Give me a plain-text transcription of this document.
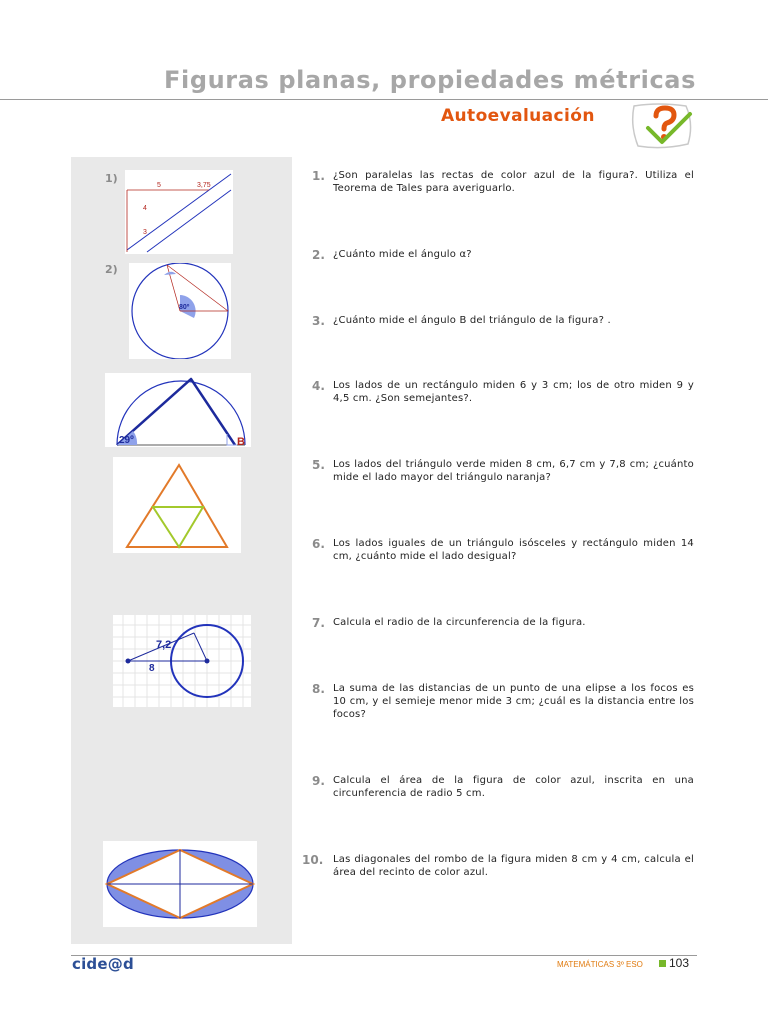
Figuras planas, propiedades métricas
Autoevaluación
1)
5	3,75
4
3
2)
80º
29º	B
7,2
8
1. ¿Son paralelas las rectas de color azul de la figura?. Utiliza el Teorema de Tales para averiguarlo.
2. ¿Cuánto mide el ángulo α?
3. ¿Cuánto mide el ángulo B del triángulo de la figura? .
4. Los lados de un rectángulo miden 6 y 3 cm; los de otro miden 9 y 4,5 cm. ¿Son semejantes?.
5. Los lados del triángulo verde miden 8 cm, 6,7 cm y 7,8 cm; ¿cuánto mide el lado mayor del triángulo naranja?
6. Los lados iguales de un triángulo isósceles y rectángulo miden 14 cm, ¿cuánto mide el lado desigual?
7. Calcula el radio de la circunferencia de la figura.
8. La suma de las distancias de un punto de una elipse a los focos es 10 cm, y el semieje menor mide 3 cm; ¿cuál es la distancia entre los focos?
9. Calcula el área de la figura de color azul, inscrita en una circunferencia de radio 5 cm.
10. Las diagonales del rombo de la figura miden 8 cm y 4 cm, calcula el área del recinto de color azul.
cide@d	MATEMÁTICAS 3º ESO 103
